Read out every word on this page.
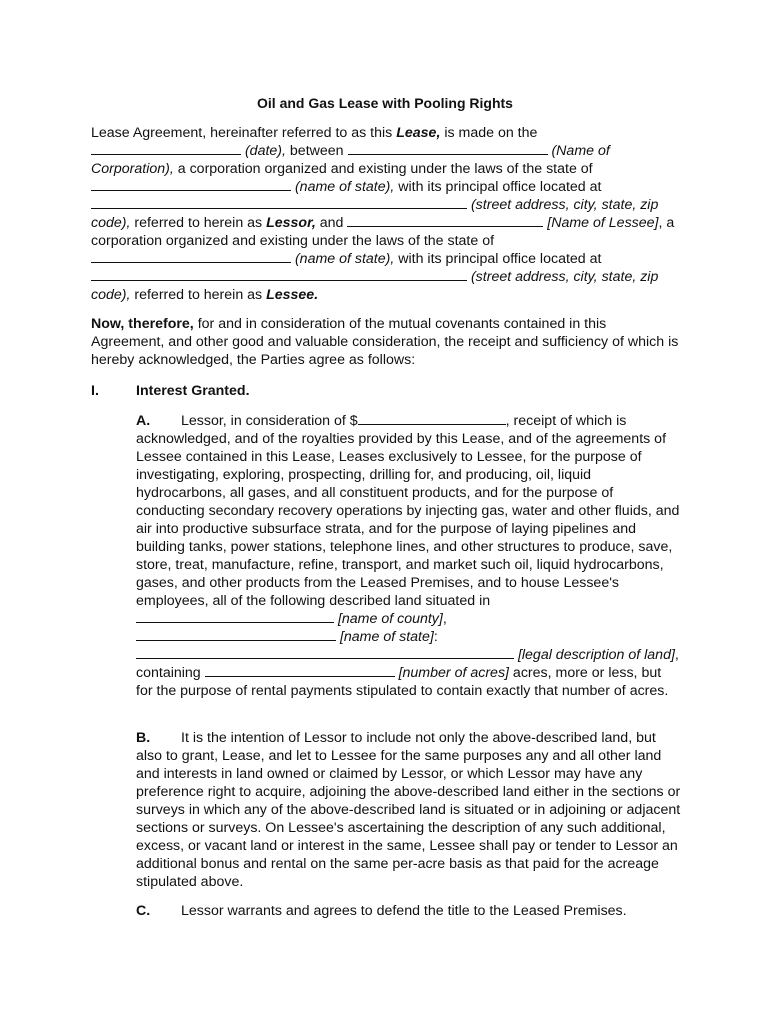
Oil and Gas Lease with Pooling Rights
Lease Agreement, hereinafter referred to as this Lease, is made on the
(date), between	(Name of Corporation), a corporation organized and existing under the laws of the state of
(name of state), with its principal office located at
(street address, city, state, zip code), referred to herein as Lessor, and	[Name of Lessee], a corporation organized and existing under the laws of the state of
(name of state), with its principal office located at
(street address, city, state, zip code), referred to herein as Lessee.
Now, therefore, for and in consideration of the mutual covenants contained in this Agreement, and other good and valuable consideration, the receipt and sufficiency of which is hereby acknowledged, the Parties agree as follows:
I.	Interest Granted.
A. Lessor, in consideration of $	, receipt of which is acknowledged, and of the royalties provided by this Lease, and of the agreements of Lessee contained in this Lease, Leases exclusively to Lessee, for the purpose of investigating, exploring, prospecting, drilling for, and producing, oil, liquid hydrocarbons, all gases, and all constituent products, and for the purpose of conducting secondary recovery operations by injecting gas, water and other fluids, and air into productive subsurface strata, and for the purpose of laying pipelines and building tanks, power stations, telephone lines, and other structures to produce, save, store, treat, manufacture, refine, transport, and market such oil, liquid hydrocarbons, gases, and other products from the Leased Premises, and to house Lessee's employees, all of the following described land situated in  [name of county],
[name of state]:
[legal description of land], containing	[number of acres] acres, more or less, but for the purpose of rental payments stipulated to contain exactly that number of acres.
B. It is the intention of Lessor to include not only the above-described land, but also to grant, Lease, and let to Lessee for the same purposes any and all other land and interests in land owned or claimed by Lessor, or which Lessor may have any preference right to acquire, adjoining the above-described land either in the sections or surveys in which any of the above-described land is situated or in adjoining or adjacent sections or surveys. On Lessee's ascertaining the description of any such additional, excess, or vacant land or interest in the same, Lessee shall pay or tender to Lessor an additional bonus and rental on the same per-acre basis as that paid for the acreage stipulated above.
C. Lessor warrants and agrees to defend the title to the Leased Premises.
